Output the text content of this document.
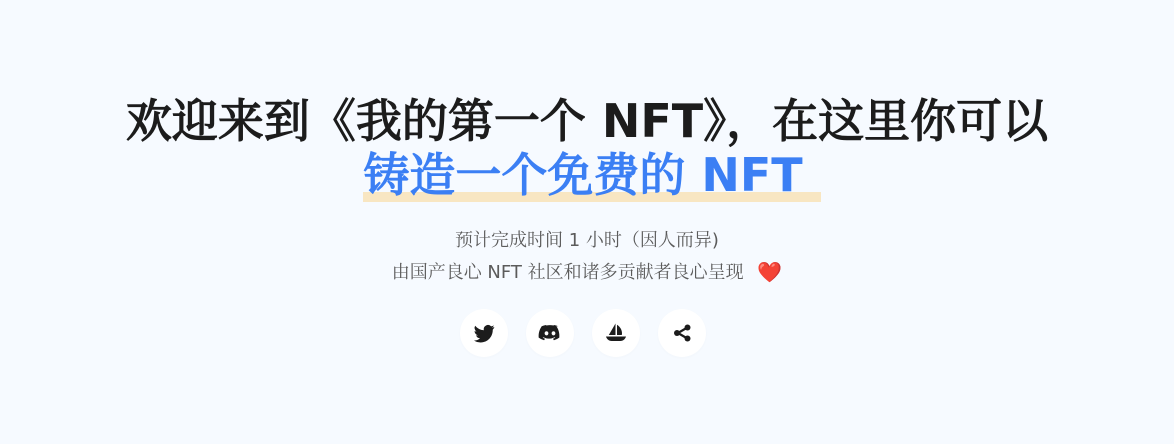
欢迎来到《我的第一个 NFT》，在这里你可以
铸造一个免费的 NFT
预计完成时间 1 小时（因人而异)
由国产良心 NFT 社区和诸多贡献者良心呈现 ❤️
